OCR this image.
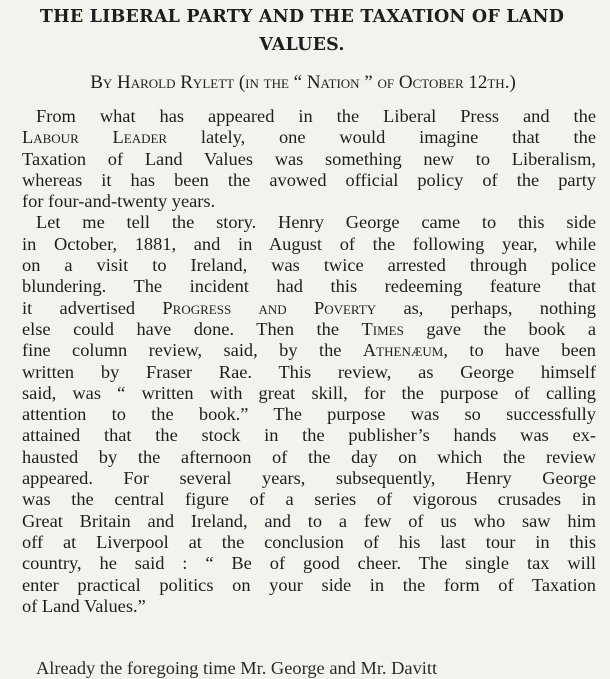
THE LIBERAL PARTY AND THE TAXATION OF LAND
VALUES.

By Harold Rylett (in the “ Nation ” of October 12th.)

From what has appeared in the Liberal Press and the
Labour Leader lately, one would imagine that the
Taxation of Land Values was something new to Liberalism,
whereas it has been the avowed official policy of the party
for four-and-twenty years.
Let me tell the story. Henry George came to this side
in October, 1881, and in August of the following year, while
on a visit to Ireland, was twice arrested through police
blundering. The incident had this redeeming feature that
it advertised Progress and Poverty as, perhaps, nothing
else could have done. Then the Times gave the book a
fine column review, said, by the Athenæum, to have been
written by Fraser Rae. This review, as George himself
said, was “ written with great skill, for the purpose of calling
attention to the book.” The purpose was so successfully
attained that the stock in the publisher’s hands was ex-
hausted by the afternoon of the day on which the review
appeared. For several years, subsequently, Henry George
was the central figure of a series of vigorous crusades in
Great Britain and Ireland, and to a few of us who saw him
off at Liverpool at the conclusion of his last tour in this
country, he said : “ Be of good cheer. The single tax will
enter practical politics on your side in the form of Taxation
of Land Values.”
Already the foregoing time Mr. George and Mr. Davitt
